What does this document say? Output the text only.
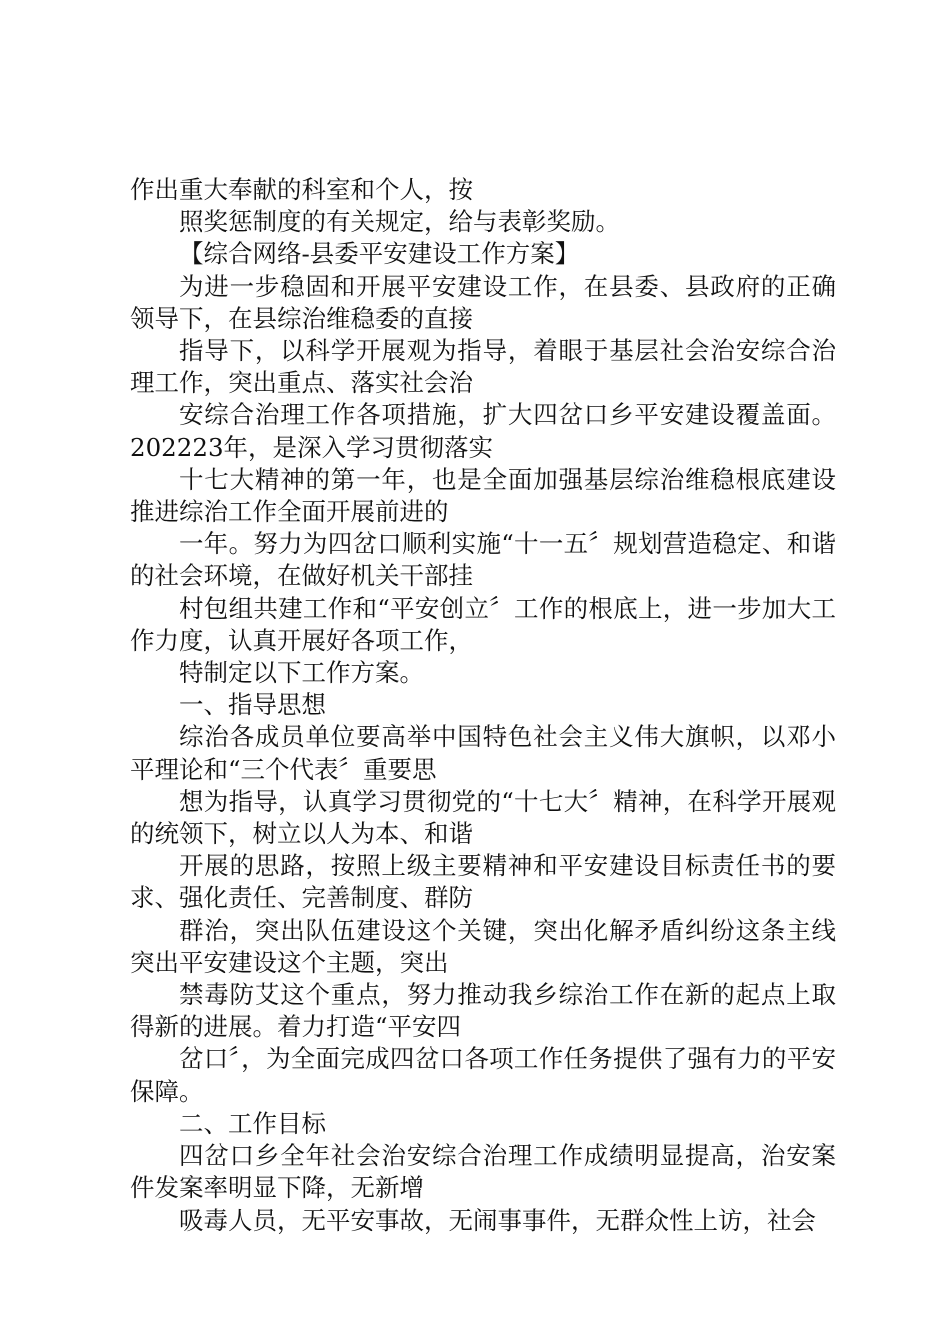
作出重大奉献的科室和个人，按

照奖惩制度的有关规定，给与表彰奖励。

【综合网络-县委平安建设工作方案】

为进一步稳固和开展平安建设工作，在县委、县政府的正确领导下，在县综治维稳委的直接

指导下，以科学开展观为指导，着眼于基层社会治安综合治理工作，突出重点、落实社会治

安综合治理工作各项措施，扩大四岔口乡平安建设覆盖面。202223年，是深入学习贯彻落实

十七大精神的第一年，也是全面加强基层综治维稳根底建设推进综治工作全面开展前进的

一年。努力为四岔口顺利实施“十一五〞规划营造稳定、和谐的社会环境，在做好机关干部挂

村包组共建工作和“平安创立〞工作的根底上，进一步加大工作力度，认真开展好各项工作，

特制定以下工作方案。

一、指导思想

综治各成员单位要高举中国特色社会主义伟大旗帜，以邓小平理论和“三个代表〞重要思

想为指导，认真学习贯彻党的“十七大〞精神，在科学开展观的统领下，树立以人为本、和谐

开展的思路，按照上级主要精神和平安建设目标责任书的要求、强化责任、完善制度、群防

群治，突出队伍建设这个关键，突出化解矛盾纠纷这条主线突出平安建设这个主题，突出

禁毒防艾这个重点，努力推动我乡综治工作在新的起点上取得新的进展。着力打造“平安四

岔口〞，为全面完成四岔口各项工作任务提供了强有力的平安保障。

二、工作目标

四岔口乡全年社会治安综合治理工作成绩明显提高，治安案件发案率明显下降，无新增

吸毒人员，无平安事故，无闹事事件，无群众性上访，社会
